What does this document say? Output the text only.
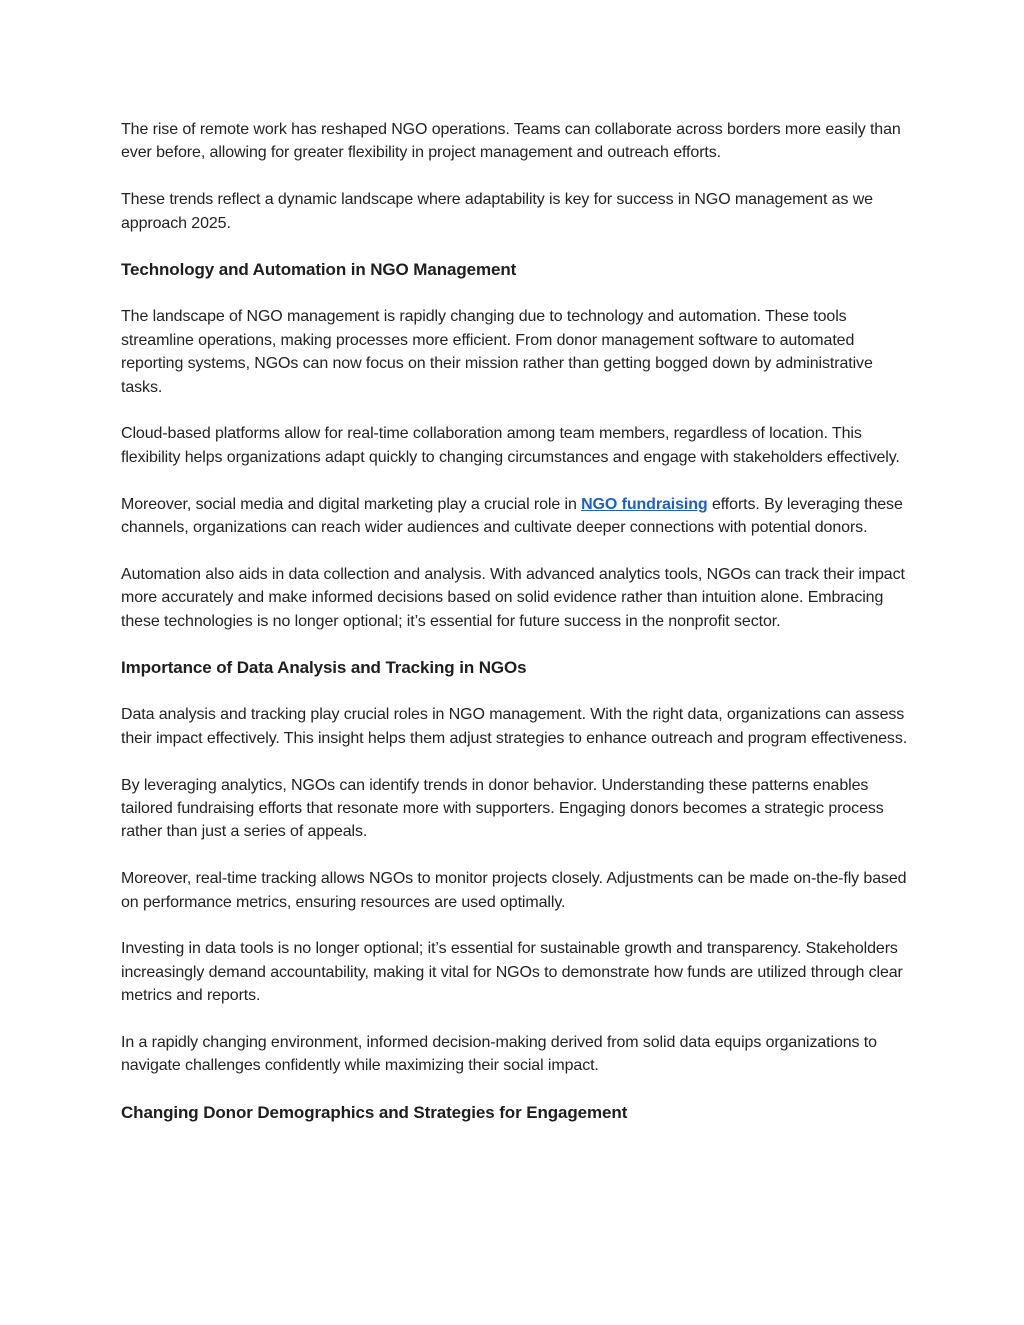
The rise of remote work has reshaped NGO operations. Teams can collaborate across borders more easily than ever before, allowing for greater flexibility in project management and outreach efforts.

These trends reflect a dynamic landscape where adaptability is key for success in NGO management as we approach 2025.

Technology and Automation in NGO Management

The landscape of NGO management is rapidly changing due to technology and automation. These tools streamline operations, making processes more efficient. From donor management software to automated reporting systems, NGOs can now focus on their mission rather than getting bogged down by administrative tasks.

Cloud-based platforms allow for real-time collaboration among team members, regardless of location. This flexibility helps organizations adapt quickly to changing circumstances and engage with stakeholders effectively.

Moreover, social media and digital marketing play a crucial role in NGO fundraising efforts. By leveraging these channels, organizations can reach wider audiences and cultivate deeper connections with potential donors.

Automation also aids in data collection and analysis. With advanced analytics tools, NGOs can track their impact more accurately and make informed decisions based on solid evidence rather than intuition alone. Embracing these technologies is no longer optional; it’s essential for future success in the nonprofit sector.

Importance of Data Analysis and Tracking in NGOs

Data analysis and tracking play crucial roles in NGO management. With the right data, organizations can assess their impact effectively. This insight helps them adjust strategies to enhance outreach and program effectiveness.

By leveraging analytics, NGOs can identify trends in donor behavior. Understanding these patterns enables tailored fundraising efforts that resonate more with supporters. Engaging donors becomes a strategic process rather than just a series of appeals.

Moreover, real-time tracking allows NGOs to monitor projects closely. Adjustments can be made on-the-fly based on performance metrics, ensuring resources are used optimally.

Investing in data tools is no longer optional; it’s essential for sustainable growth and transparency. Stakeholders increasingly demand accountability, making it vital for NGOs to demonstrate how funds are utilized through clear metrics and reports.

In a rapidly changing environment, informed decision-making derived from solid data equips organizations to navigate challenges confidently while maximizing their social impact.

Changing Donor Demographics and Strategies for Engagement
